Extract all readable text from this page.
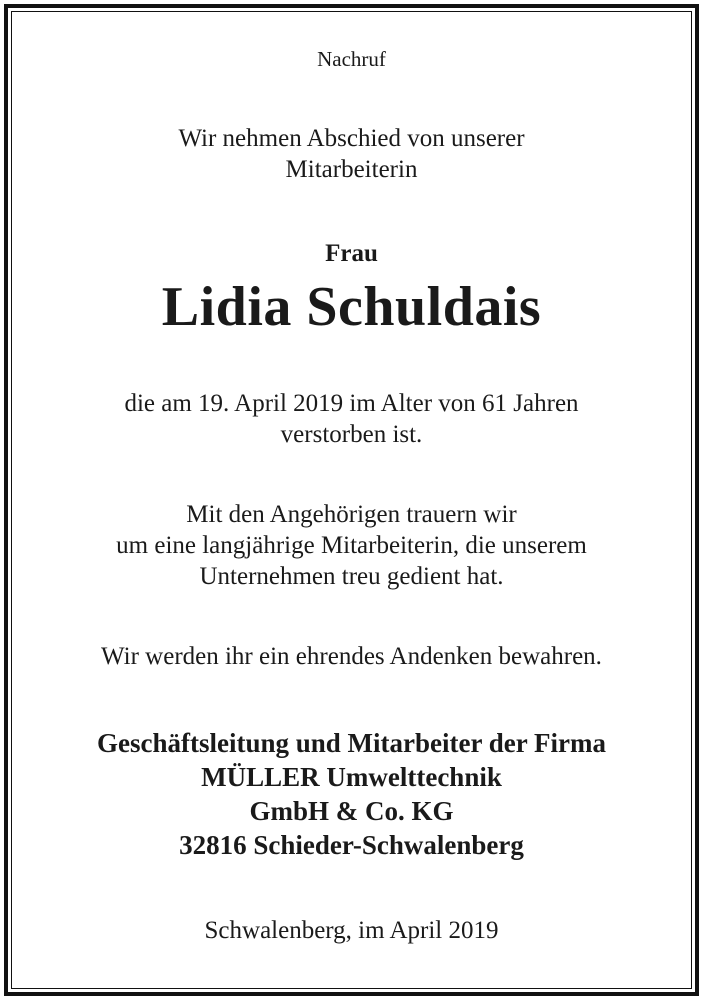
Nachruf
Wir nehmen Abschied von unserer
Mitarbeiterin
Frau
Lidia Schuldais
die am 19. April 2019 im Alter von 61 Jahren
verstorben ist.
Mit den Angehörigen trauern wir
um eine langjährige Mitarbeiterin, die unserem
Unternehmen treu gedient hat.
Wir werden ihr ein ehrendes Andenken bewahren.
Geschäftsleitung und Mitarbeiter der Firma
MÜLLER Umwelttechnik
GmbH & Co. KG
32816 Schieder-Schwalenberg
Schwalenberg, im April 2019
